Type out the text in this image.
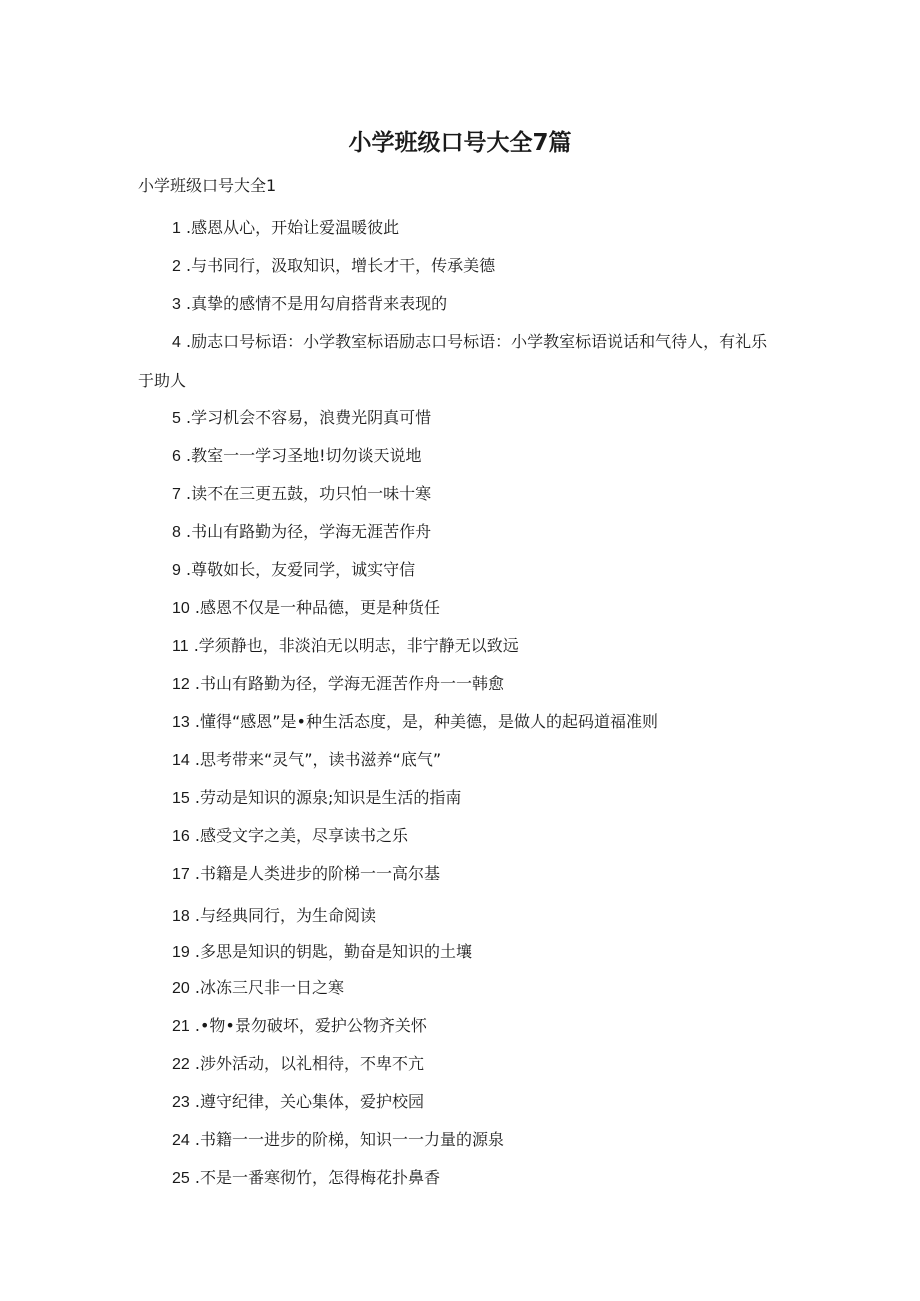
小学班级口号大全7篇

小学班级口号大全1

1 .感恩从心，开始让爱温暖彼此
2 .与书同行，汲取知识，增长才干，传承美德
3 .真挚的感情不是用勾肩搭背来表现的
4 .励志口号标语：小学教室标语励志口号标语：小学教室标语说话和气待人，有礼乐于助人
5 .学习机会不容易，浪费光阴真可惜
6 .教室一一学习圣地!切勿谈天说地
7 .读不在三更五鼓，功只怕一味十寒
8 .书山有路勤为径，学海无涯苦作舟
9 .尊敬如长，友爱同学，诚实守信
10 .感恩不仅是一种品德，更是种货任
11 .学须静也，非淡泊无以明志，非宁静无以致远
12 .书山有路勤为径，学海无涯苦作舟一一韩愈
13 .懂得“感恩”是•种生活态度，是，种美德，是做人的起码道福准则
14 .思考带来“灵气”，读书滋养“底气”
15 .劳动是知识的源泉;知识是生活的指南
16 .感受文字之美，尽享读书之乐
17 .书籍是人类进步的阶梯一一高尔基
18 .与经典同行，为生命阅读
19 .多思是知识的钥匙，勤奋是知识的土壤
20 .冰冻三尺非一日之寒
21 .•物•景勿破坏，爱护公物齐关怀
22 .涉外活动，以礼相待，不卑不亢
23 .遵守纪律，关心集体，爱护校园
24 .书籍一一进步的阶梯，知识一一力量的源泉
25 .不是一番寒彻竹，怎得梅花扑鼻香
